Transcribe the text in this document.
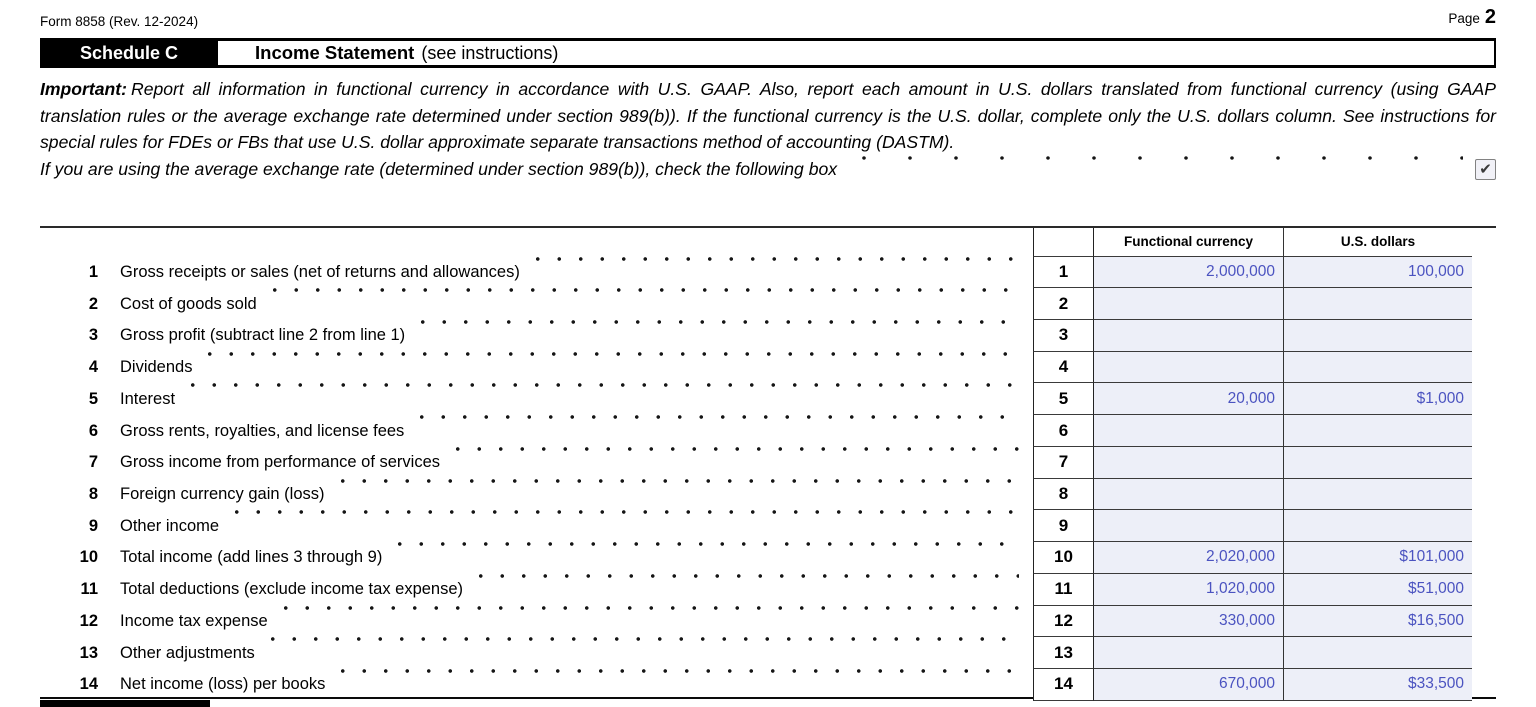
Form 8858 (Rev. 12-2024)	Page 2
Schedule C	Income Statement (see instructions)

Important: Report all information in functional currency in accordance with U.S. GAAP. Also, report each amount in U.S. dollars translated from functional currency (using GAAP translation rules or the average exchange rate determined under section 989(b)). If the functional currency is the U.S. dollar, complete only the U.S. dollars column. See instructions for special rules for FDEs or FBs that use U.S. dollar approximate separate transactions method of accounting (DASTM).

If you are using the average exchange rate (determined under section 989(b)), check the following box	✔
Functional currency	U.S. dollars
1 Gross receipts or sales (net of returns and allowances)	1	2,000,000	100,000
2 Cost of goods sold	2
3 Gross profit (subtract line 2 from line 1)	3
4 Dividends	4
5 Interest	5	20,000	$1,000
6 Gross rents, royalties, and license fees	6
7 Gross income from performance of services	7
8 Foreign currency gain (loss)	8
9 Other income	9
10 Total income (add lines 3 through 9)	10	2,020,000	$101,000
11 Total deductions (exclude income tax expense)	11	1,020,000	$51,000
12 Income tax expense	12	330,000	$16,500
13 Other adjustments	13
14 Net income (loss) per books	14	670,000	$33,500
